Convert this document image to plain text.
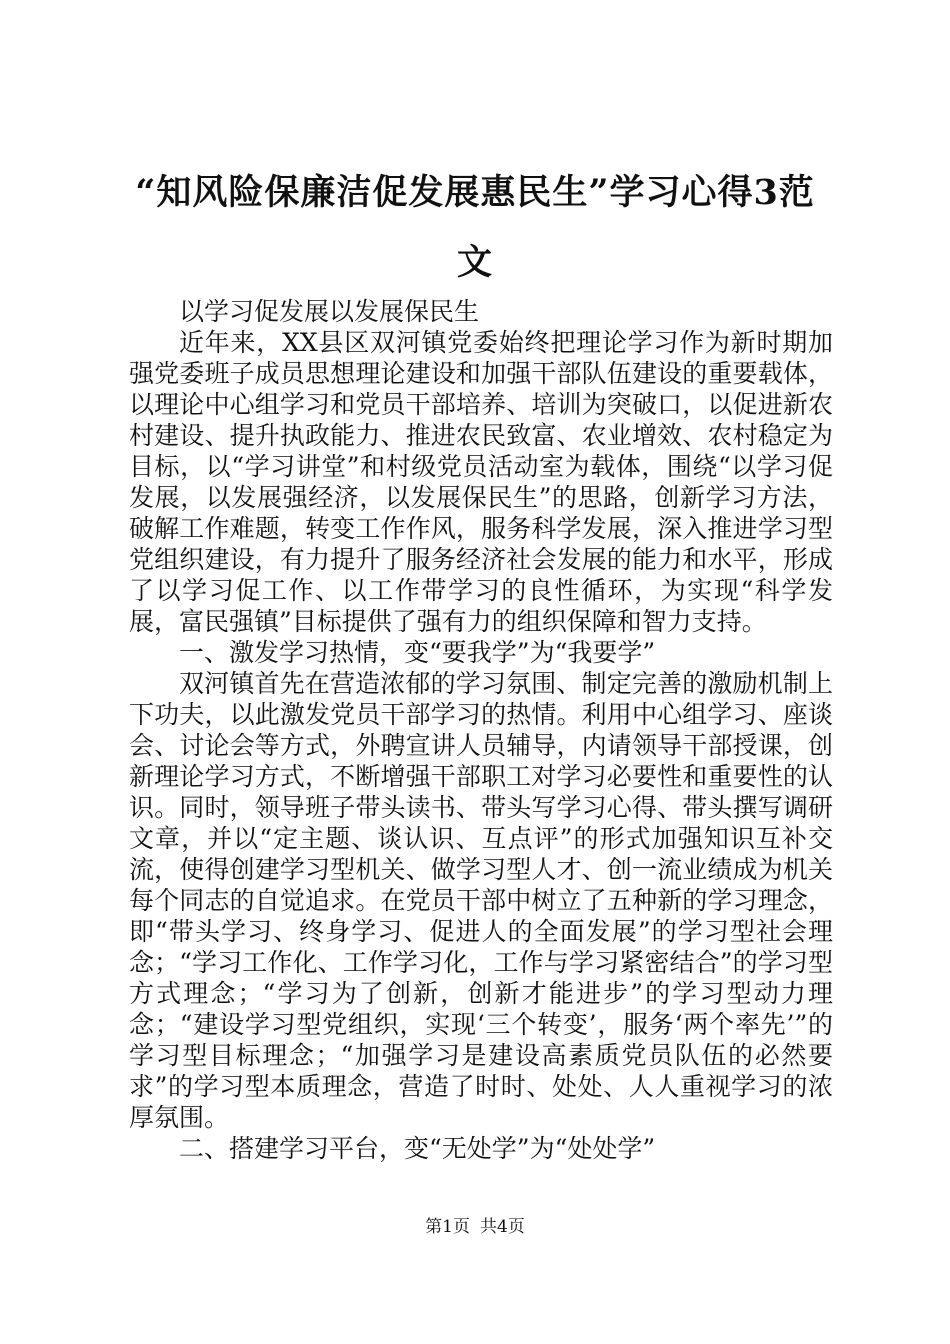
“知风险保廉洁促发展惠民生”学习心得3范文

以学习促发展以发展保民生

近年来，XX县区双河镇党委始终把理论学习作为新时期加强党委班子成员思想理论建设和加强干部队伍建设的重要载体，以理论中心组学习和党员干部培养、培训为突破口，以促进新农村建设、提升执政能力、推进农民致富、农业增效、农村稳定为目标，以“学习讲堂”和村级党员活动室为载体，围绕“以学习促发展，以发展强经济，以发展保民生”的思路，创新学习方法，破解工作难题，转变工作作风，服务科学发展，深入推进学习型党组织建设，有力提升了服务经济社会发展的能力和水平，形成了以学习促工作、以工作带学习的良性循环，为实现“科学发展，富民强镇”目标提供了强有力的组织保障和智力支持。

一、激发学习热情，变“要我学”为“我要学”

双河镇首先在营造浓郁的学习氛围、制定完善的激励机制上下功夫，以此激发党员干部学习的热情。利用中心组学习、座谈会、讨论会等方式，外聘宣讲人员辅导，内请领导干部授课，创新理论学习方式，不断增强干部职工对学习必要性和重要性的认识。同时，领导班子带头读书、带头写学习心得、带头撰写调研文章，并以“定主题、谈认识、互点评”的形式加强知识互补交流，使得创建学习型机关、做学习型人才、创一流业绩成为机关每个同志的自觉追求。在党员干部中树立了五种新的学习理念，即“带头学习、终身学习、促进人的全面发展”的学习型社会理念；“学习工作化、工作学习化，工作与学习紧密结合”的学习型方式理念；“学习为了创新，创新才能进步”的学习型动力理念；“建设学习型党组织，实现‘三个转变’，服务‘两个率先’”的学习型目标理念；“加强学习是建设高素质党员队伍的必然要求”的学习型本质理念，营造了时时、处处、人人重视学习的浓厚氛围。

二、搭建学习平台，变“无处学”为“处处学”

第1页 共4页
